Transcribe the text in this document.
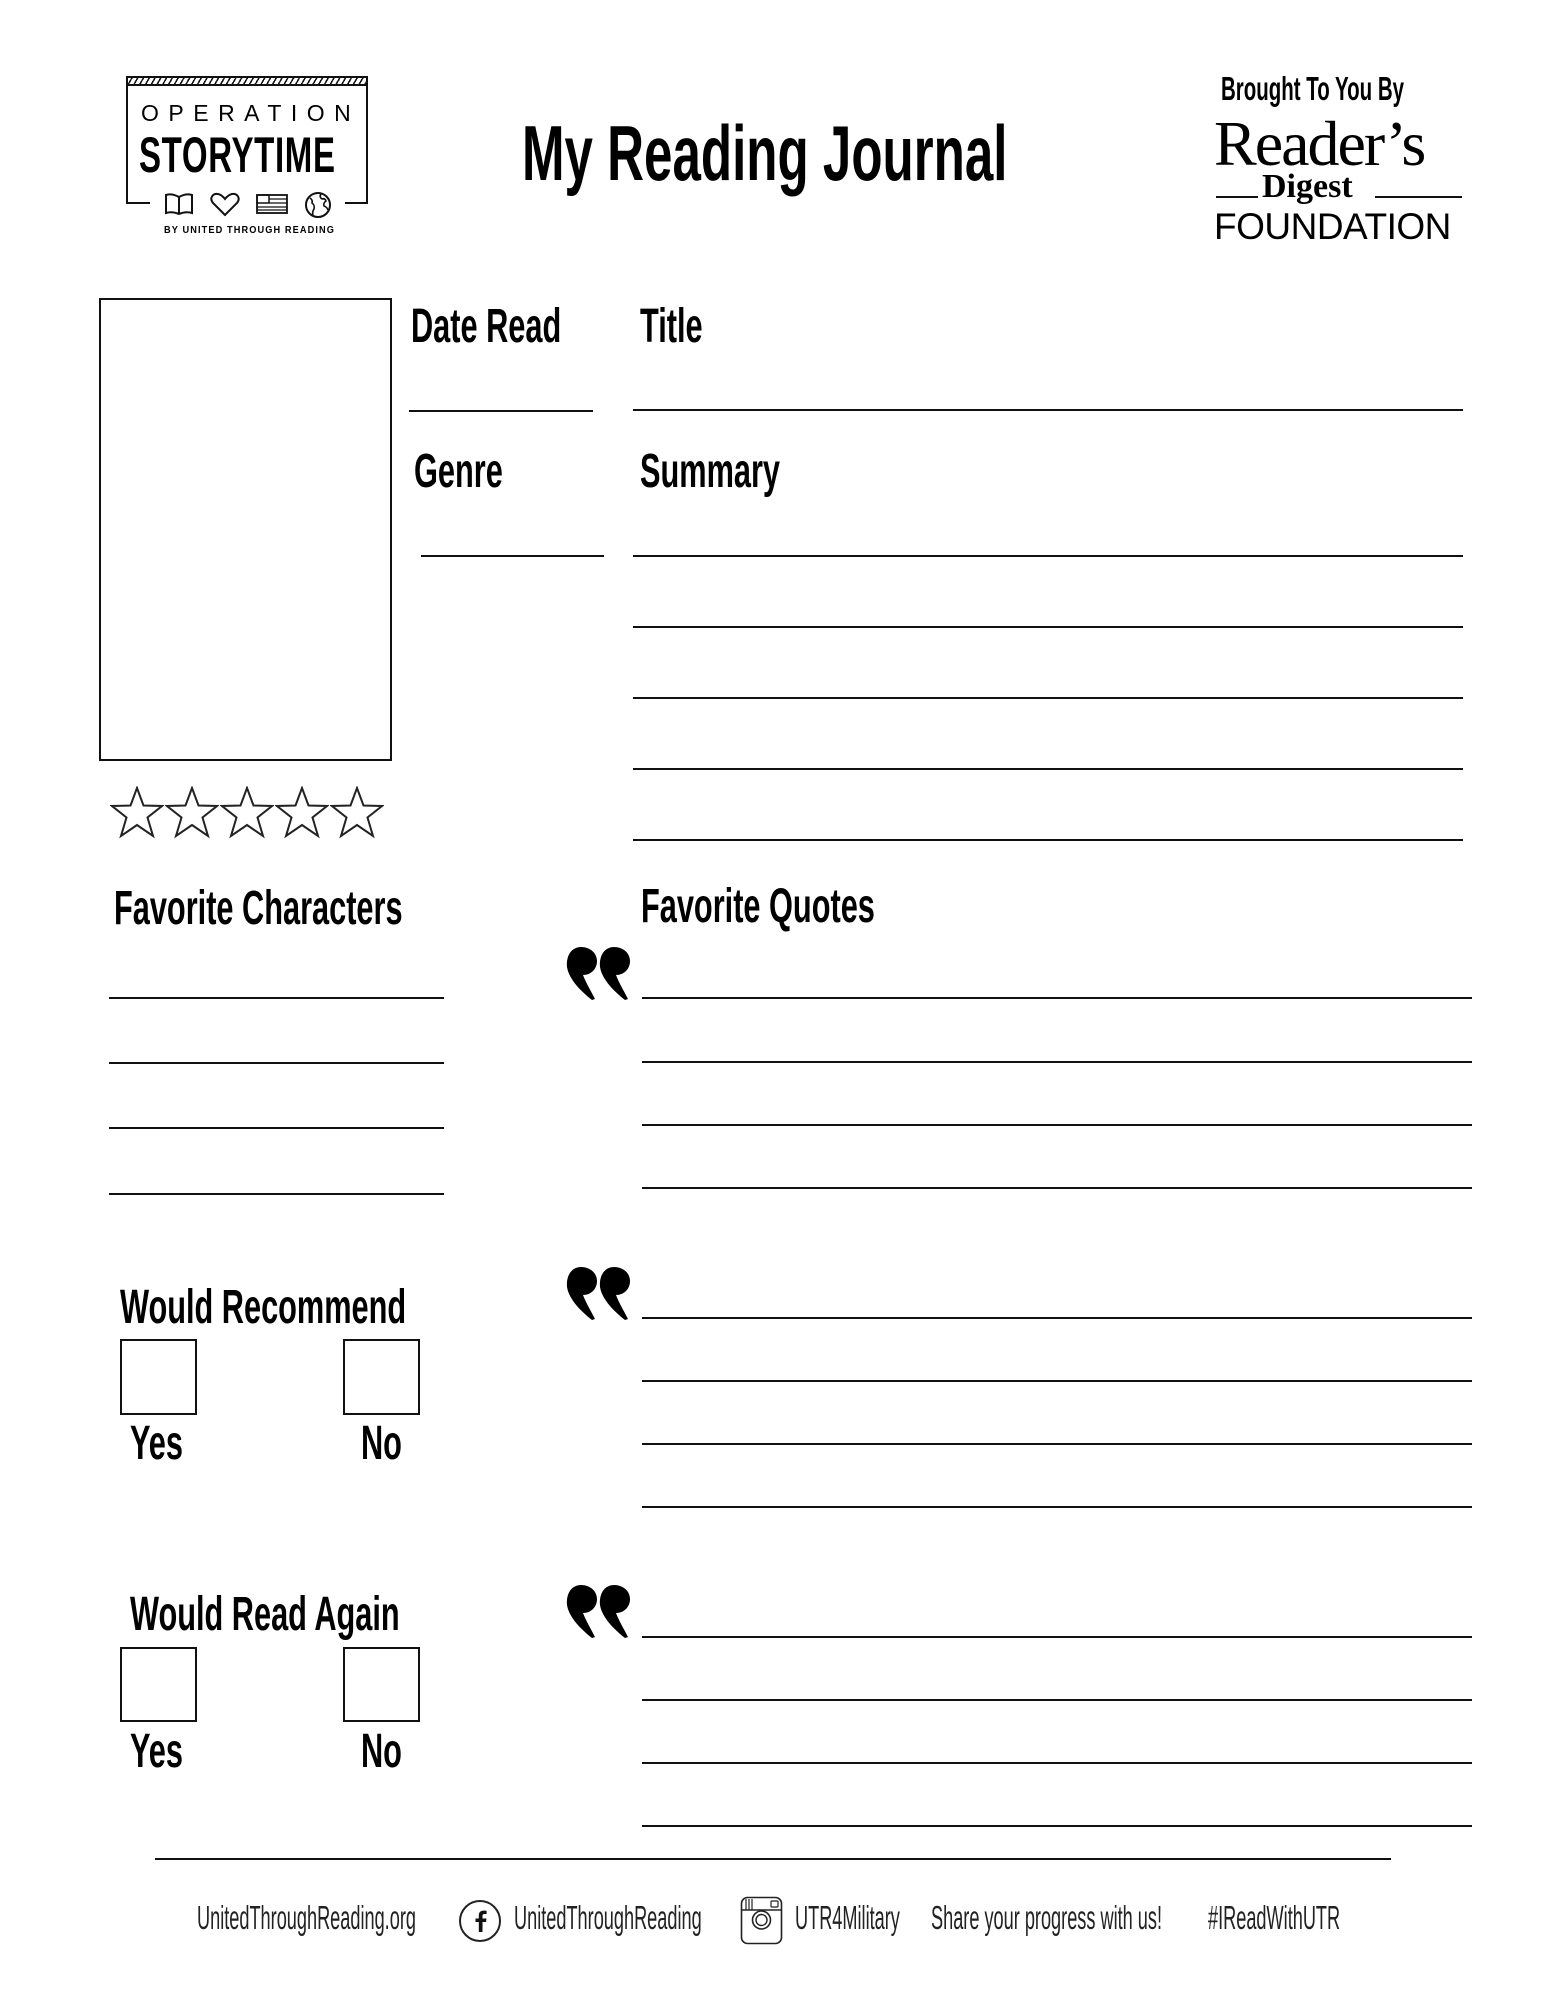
OPERATION
STORYTIME
BY UNITED THROUGH READING
My Reading Journal
Brought To You By
Reader’s
Digest
FOUNDATION
Date Read Title
Genre	Summary
Favorite Characters	Favorite Quotes
Would Recommend
Yes	No
Would Read Again
Yes	No
UnitedThroughReading.org	UnitedThroughReading	UTR4Military Share your progress with us! #IReadWithUTR
